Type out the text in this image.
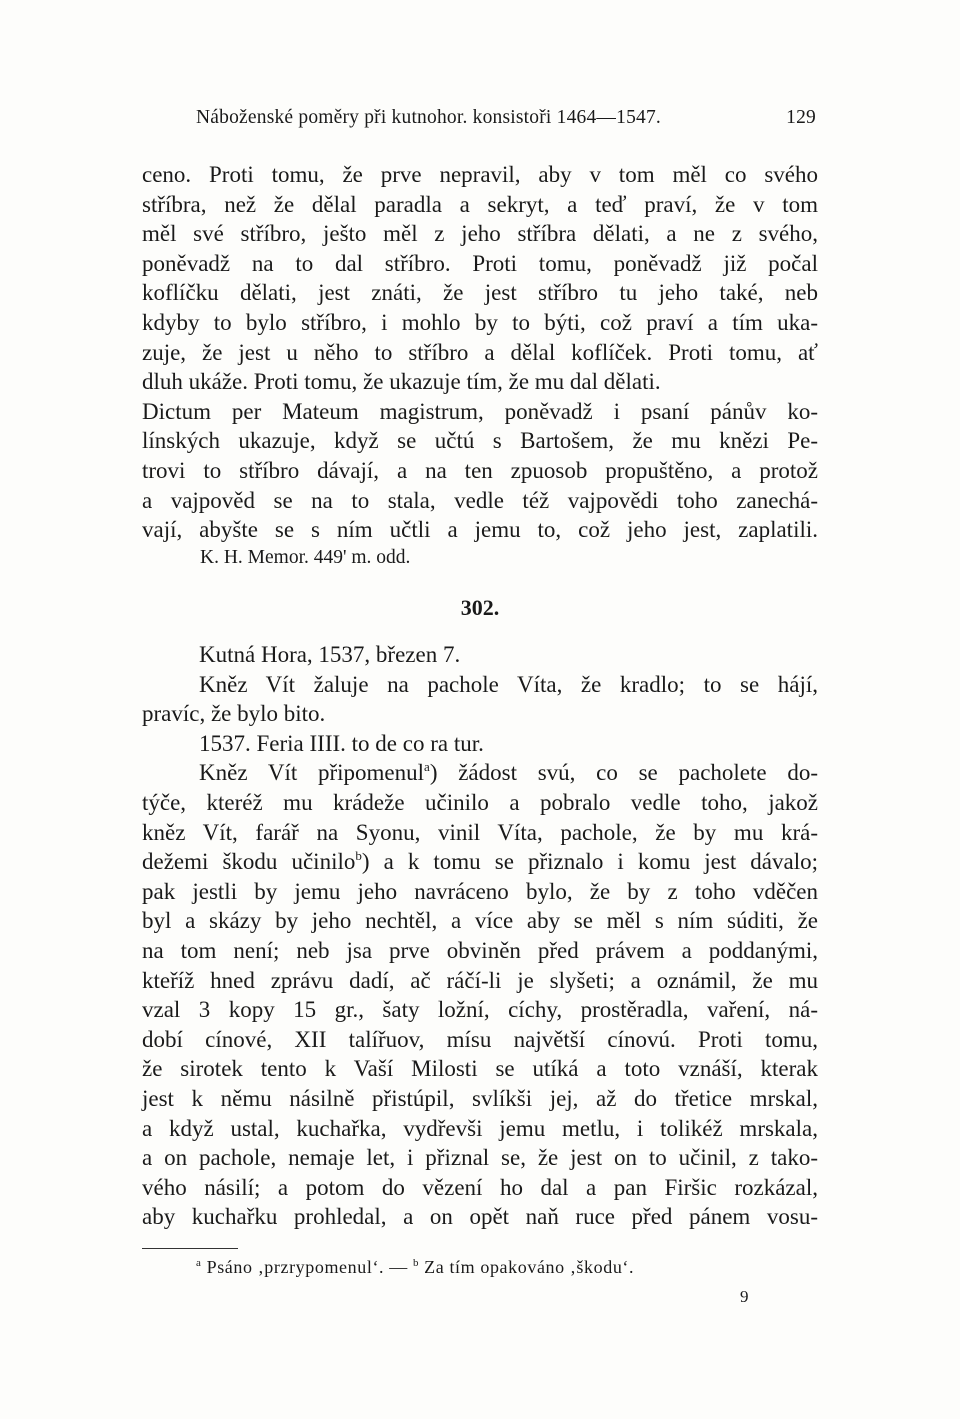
Náboženské poměry při kutnohor. konsistoři 1464—1547.	129

ceno. Proti tomu, že prve nepravil, aby v tom měl co svého

stříbra, než že dělal paradla a sekryt, a teď praví, že v tom

měl své stříbro, ješto měl z jeho stříbra dělati, a ne z svého,

poněvadž na to dal stříbro. Proti tomu, poněvadž již počal

koflíčku dělati, jest znáti, že jest stříbro tu jeho také, neb

kdyby to bylo stříbro, i mohlo by to býti, což praví a tím uka-

zuje, že jest u něho to stříbro a dělal koflíček. Proti tomu, ať

dluh ukáže. Proti tomu, že ukazuje tím, že mu dal dělati.

Dictum per Mateum magistrum, poněvadž i psaní pánův ko-

línských ukazuje, když se učtú s Bartošem, že mu knězi Pe-

trovi to stříbro dávají, a na ten zpuosob propuštěno, a protož

a vajpověd se na to stala, vedle též vajpovědi toho zanechá-

vají, abyšte se s ním učtli a jemu to, což jeho jest, zaplatili.

K. H. Memor. 449' m. odd.
302.

Kutná Hora, 1537, březen 7.

Kněz Vít žaluje na pachole Víta, že kradlo; to se hájí,

pravíc, že bylo bito.

1537. Feria IIII. to de co ra tur.

Kněz Vít připomenul$^a$) žádost svú, co se pacholete do-

týče, kteréž mu krádeže učinilo a pobralo vedle toho, jakož

kněz Vít, farář na Syonu, vinil Víta, pachole, že by mu krá-

dežemi škodu učinilo$^b$) a k tomu se přiznalo i komu jest dávalo;

pak jestli by jemu jeho navráceno bylo, že by z toho vděčen

byl a skázy by jeho nechtěl, a více aby se měl s ním súditi, že

na tom není; neb jsa prve obviněn před právem a poddanými,

kteříž hned zprávu dadí, ač ráčí-li je slyšeti; a oznámil, že mu

vzal 3 kopy 15 gr., šaty ložní, cíchy, prostěradla, vaření, ná-

dobí cínové, XII talířuov, mísu najvětší cínovú. Proti tomu,

že sirotek tento k Vaší Milosti se utíká a toto vznáší, kterak

jest k němu násilně přistúpil, svlíkši jej, až do třetice mrskal,

a když ustal, kuchařka, vydřevši jemu metlu, i tolikéž mrskala,

a on pachole, nemaje let, i přiznal se, že jest on to učinil, z tako-

vého násilí; a potom do vězení ho dal a pan Firšic rozkázal,

aby kuchařku prohledal, a on opět naň ruce před pánem vosu-

$^a$ Psáno ‚przrypomenul‘. — $^b$ Za tím opakováno ‚škodu‘.
9
